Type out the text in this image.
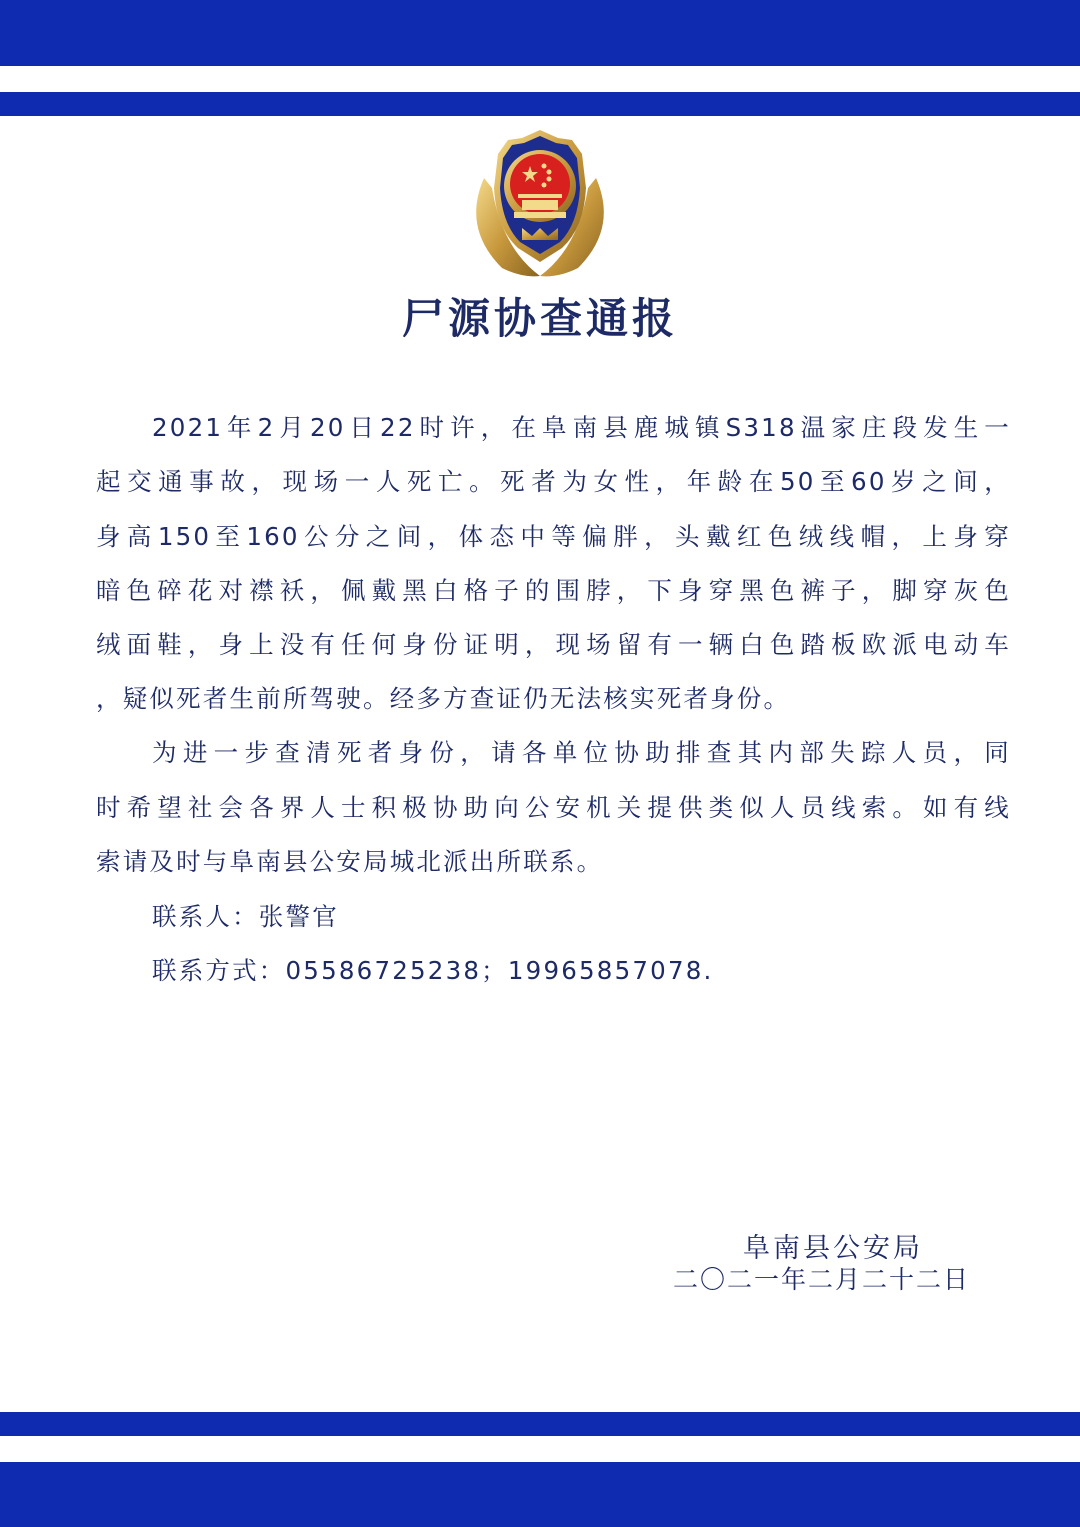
尸源协查通报
2021年2月20日22时许，在阜南县鹿城镇S318温家庄段发生一
起交通事故，现场一人死亡。死者为女性，年龄在50至60岁之间，
身高150至160公分之间，体态中等偏胖，头戴红色绒线帽，上身穿
暗色碎花对襟袄，佩戴黑白格子的围脖，下身穿黑色裤子，脚穿灰色
绒面鞋，身上没有任何身份证明，现场留有一辆白色踏板欧派电动车
，疑似死者生前所驾驶。经多方查证仍无法核实死者身份。
为进一步查清死者身份，请各单位协助排查其内部失踪人员，同
时希望社会各界人士积极协助向公安机关提供类似人员线索。如有线
索请及时与阜南县公安局城北派出所联系。
联系人：张警官
联系方式：05586725238；19965857078.
阜南县公安局
二〇二一年二月二十二日
